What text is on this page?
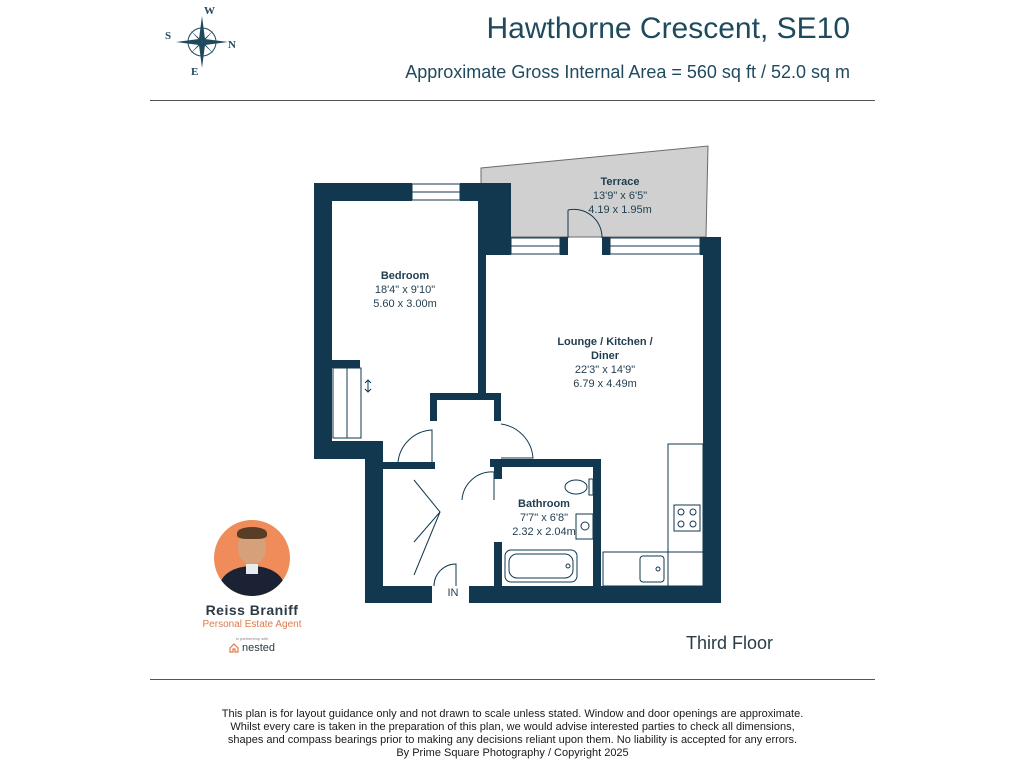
Hawthorne Crescent, SE10
Approximate Gross Internal Area = 560 sq ft / 52.0 sq m
W
S
N
E
Terrace
13'9" x 6'5"
4.19 x 1.95m
Bedroom
18'4" x 9'10"
5.60 x 3.00m
Lounge / Kitchen /
Diner
22'3" x 14'9"
6.79 x 4.49m
Bathroom
7'7" x 6'8"
2.32 x 2.04m
IN
Third Floor
Reiss Braniff
Personal Estate Agent
in partnership with
nested
This plan is for layout guidance only and not drawn to scale unless stated. Window and door openings are approximate.
Whilst every care is taken in the preparation of this plan, we would advise interested parties to check all dimensions,
shapes and compass bearings prior to making any decisions reliant upon them. No liability is accepted for any errors.
By Prime Square Photography / Copyright 2025
